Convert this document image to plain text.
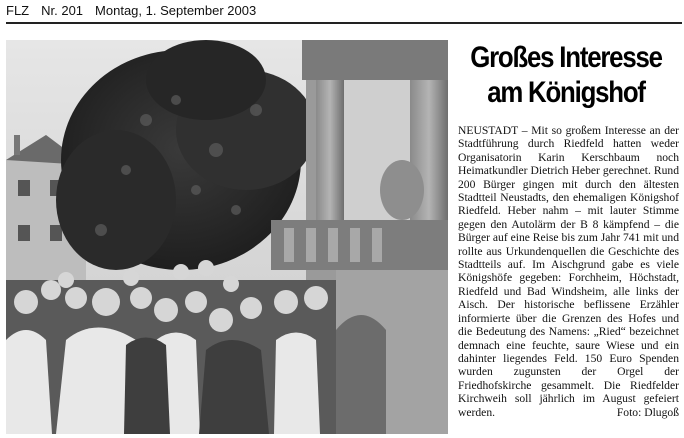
FLZ Nr. 201 Montag, 1. September 2003
Großes Interesse
am Königshof
NEUSTADT – Mit so großem Interesse an der Stadtführung durch Riedfeld hatten weder Organisatorin Karin Kerschbaum noch Heimatkundler Dietrich Heber gerechnet. Rund 200 Bürger gingen mit durch den ältesten Stadtteil Neustadts, den ehemaligen Königshof Riedfeld. Heber nahm – mit lauter Stimme gegen den Autolärm der B 8 kämpfend – die Bürger auf eine Reise bis zum Jahr 741 mit und rollte aus Urkundenquellen die Geschichte des Stadtteils auf. Im Aischgrund gabe es viele Königshöfe gegeben: Forchheim, Höchstadt, Riedfeld und Bad Windsheim, alle links der Aisch. Der historische beflissene Erzähler informierte über die Grenzen des Hofes und die Bedeutung des Namens: „Ried“ bezeichnet demnach eine feuchte, saure Wiese und ein dahinter liegendes Feld. 150 Euro Spenden wurden zugunsten der Orgel der Friedhofskirche gesammelt. Die Riedfelder Kirchweih soll jährlich im August gefeiert werden.	Foto: Dlugoß
